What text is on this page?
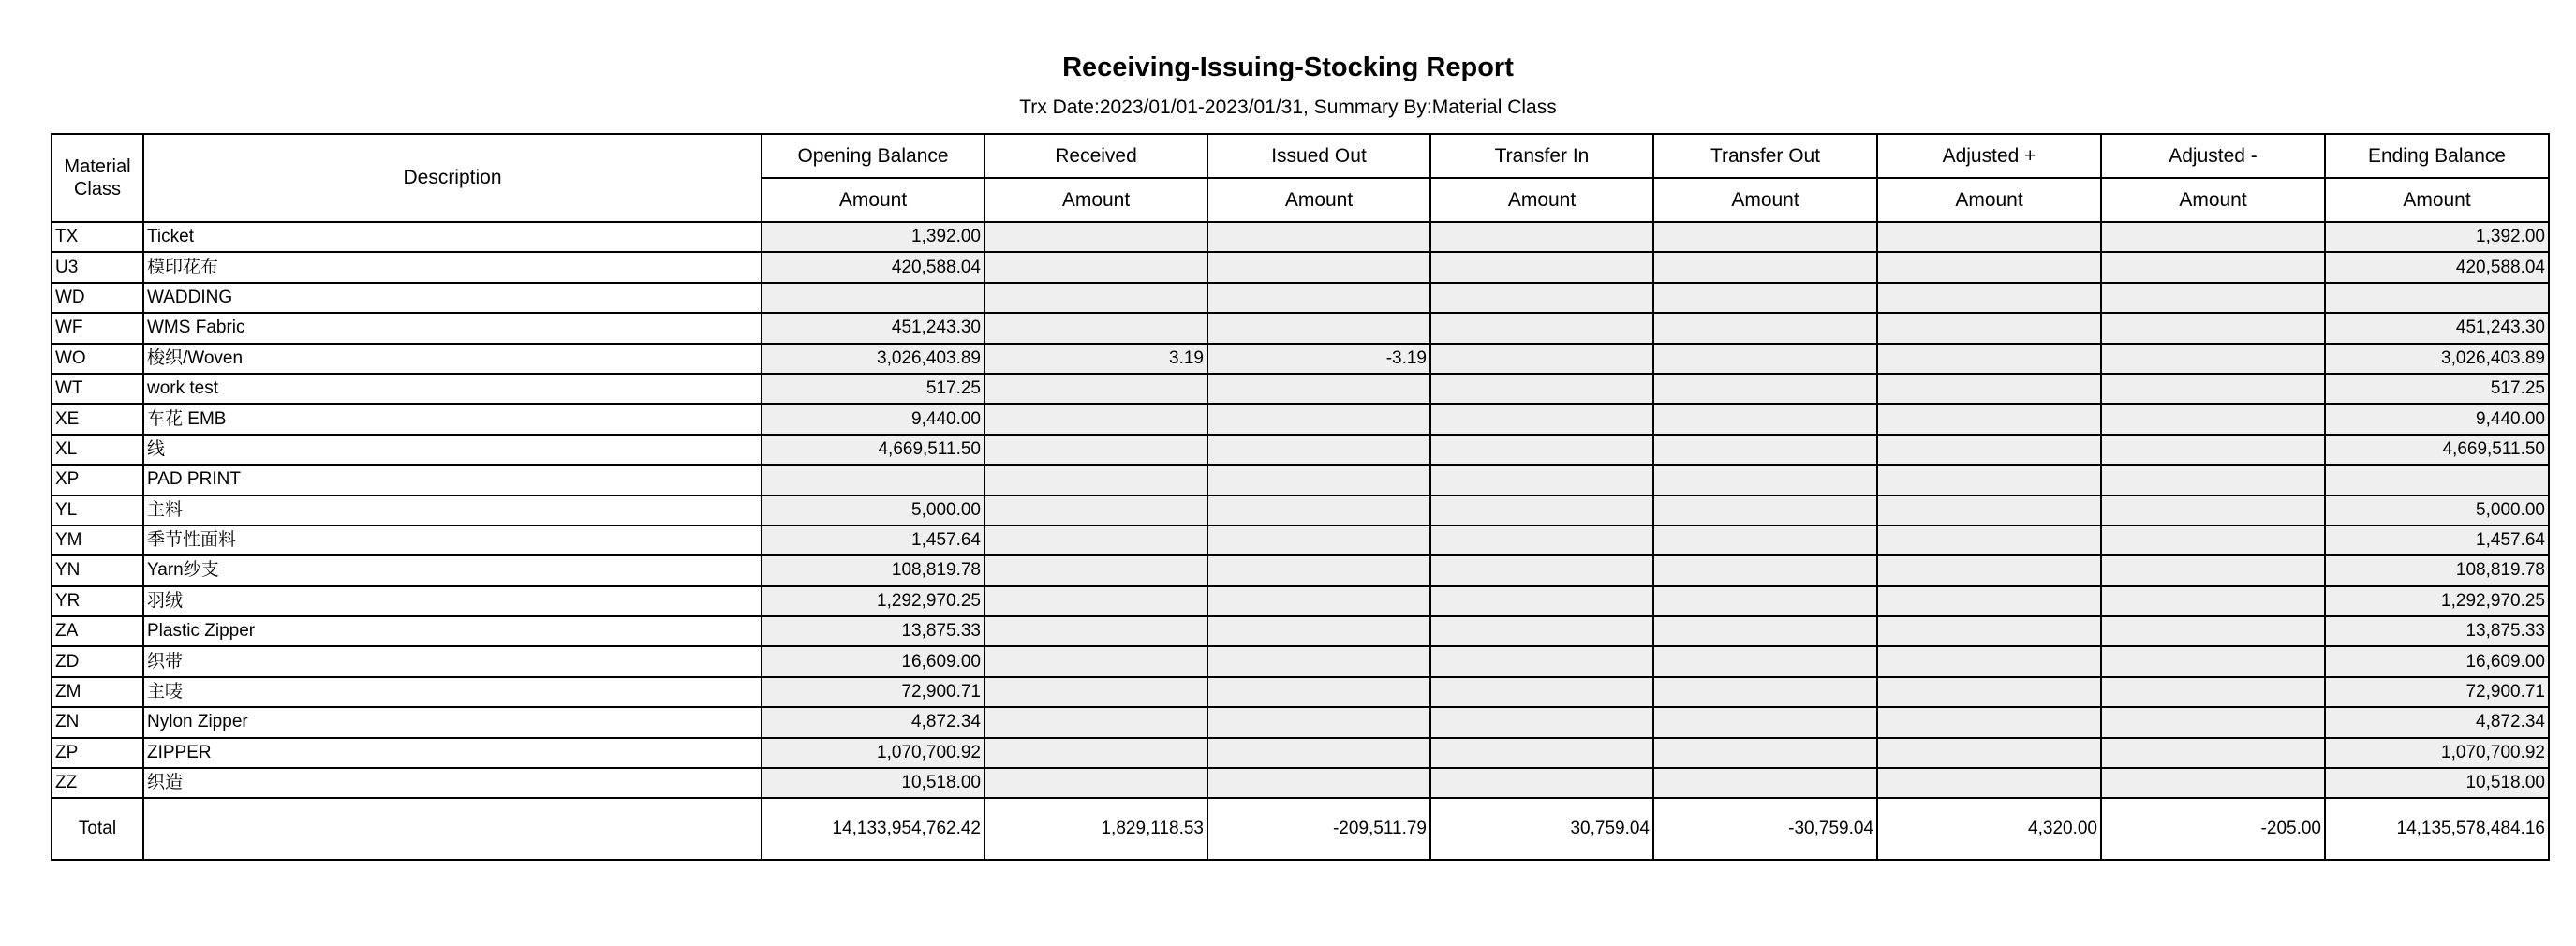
Receiving-Issuing-Stocking Report
Trx Date:2023/01/01-2023/01/31, Summary By:Material Class
Material Class	Description	Opening Balance	Received	Issued Out	Transfer In	Transfer Out	Adjusted +	Adjusted -	Ending Balance
		Amount	Amount	Amount	Amount	Amount	Amount	Amount	Amount
TX	Ticket	1,392.00							1,392.00
U3	模印花布	420,588.04							420,588.04
WD	WADDING								
WF	WMS Fabric	451,243.30							451,243.30
WO	梭织/Woven	3,026,403.89	3.19	-3.19					3,026,403.89
WT	work test	517.25							517.25
XE	车花 EMB	9,440.00							9,440.00
XL	线	4,669,511.50							4,669,511.50
XP	PAD PRINT								
YL	主料	5,000.00							5,000.00
YM	季节性面料	1,457.64							1,457.64
YN	Yarn纱支	108,819.78							108,819.78
YR	羽绒	1,292,970.25							1,292,970.25
ZA	Plastic Zipper	13,875.33							13,875.33
ZD	织带	16,609.00							16,609.00
ZM	主唛	72,900.71							72,900.71
ZN	Nylon Zipper	4,872.34							4,872.34
ZP	ZIPPER	1,070,700.92							1,070,700.92
ZZ	织造	10,518.00							10,518.00
Total		14,133,954,762.42	1,829,118.53	-209,511.79	30,759.04	-30,759.04	4,320.00	-205.00	14,135,578,484.16
